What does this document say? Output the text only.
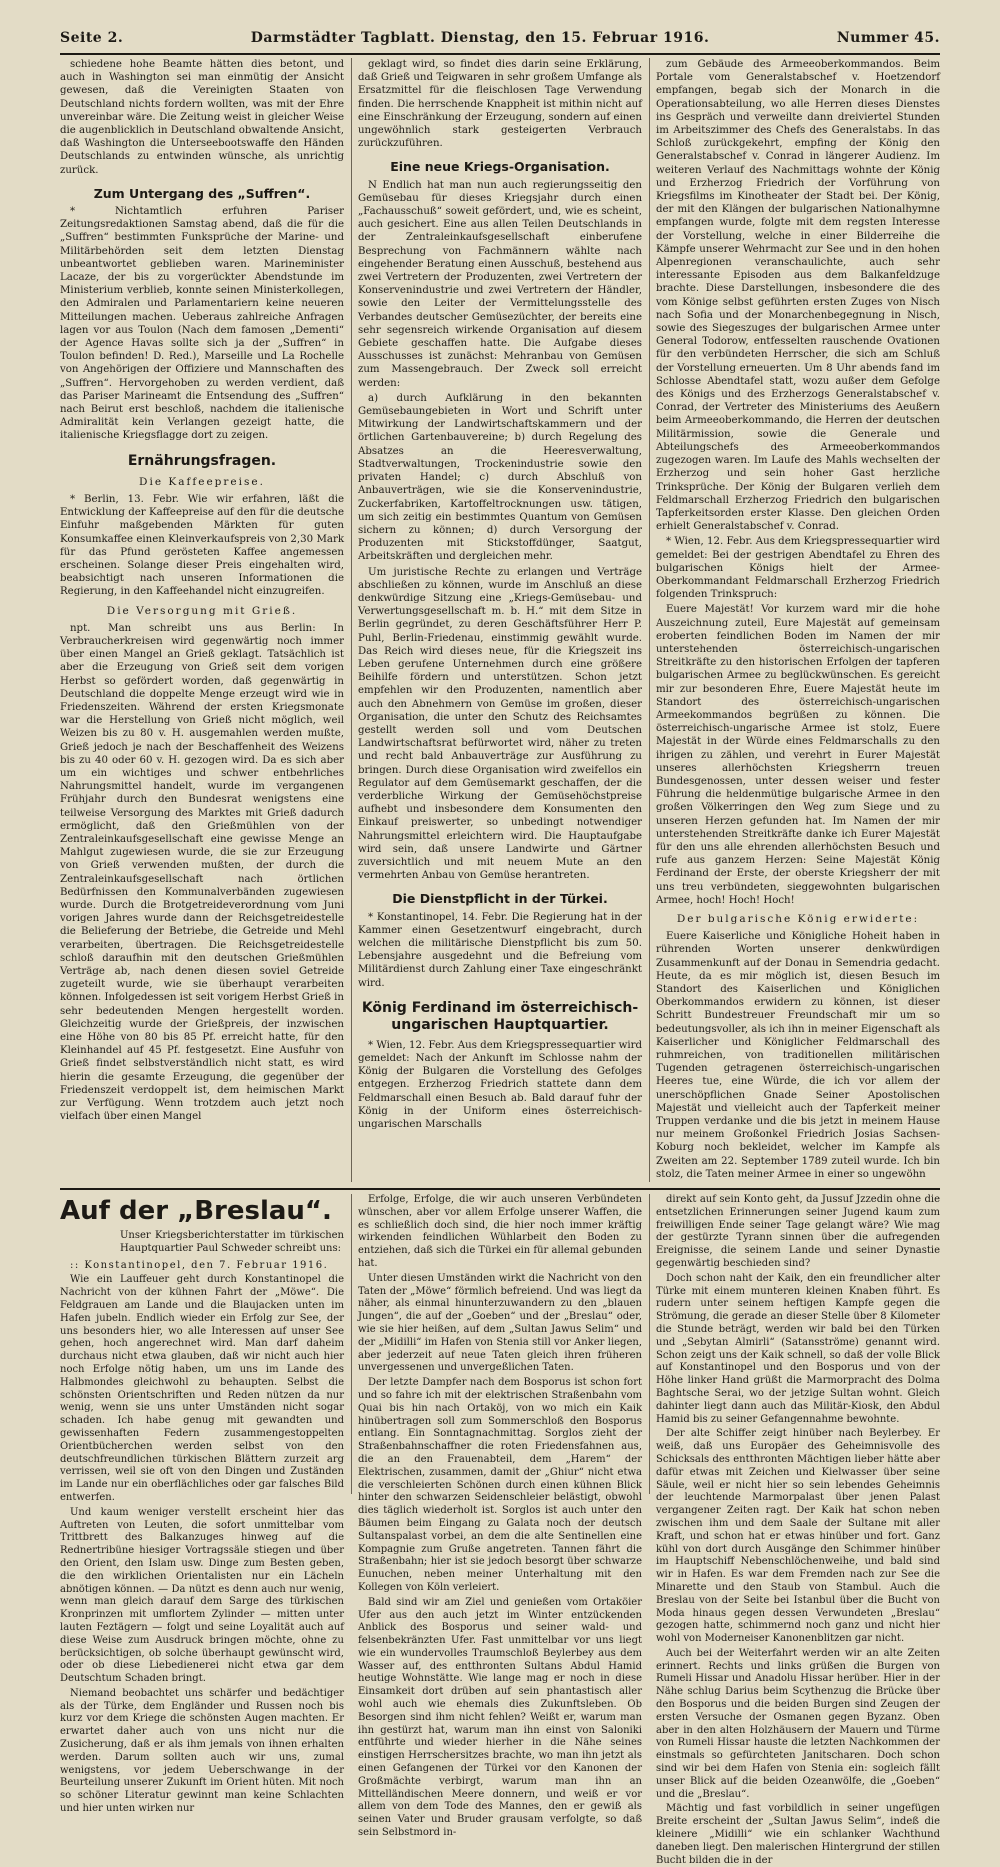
Seite 2.	Darmstädter Tagblatt. Dienstag, den 15. Februar 1916.	Nummer 45.

schiedene hohe Beamte hätten dies betont, und auch in Washington sei man einmütig der Ansicht gewesen, daß die Vereinigten Staaten von Deutschland nichts fordern wollten, was mit der Ehre unvereinbar wäre. Die Zeitung weist in gleicher Weise die augenblicklich in Deutschland obwaltende Ansicht, daß Washington die Unterseebootswaffe den Händen Deutschlands zu entwinden wünsche, als unrichtig zurück.

Zum Untergang des „Suffren“.

* Nichtamtlich erfuhren Pariser Zeitungsredaktionen Samstag abend, daß die für die „Suffren“ bestimmten Funksprüche der Marine- und Militärbehörden seit dem letzten Dienstag unbeantwortet geblieben waren. Marineminister Lacaze, der bis zu vorgerückter Abendstunde im Ministerium verblieb, konnte seinen Ministerkollegen, den Admiralen und Parlamentariern keine neueren Mitteilungen machen. Ueberaus zahlreiche Anfragen lagen vor aus Toulon (Nach dem famosen „Dementi“ der Agence Havas sollte sich ja der „Suffren“ in Toulon befinden! D. Red.), Marseille und La Rochelle von Angehörigen der Offiziere und Mannschaften des „Suffren“. Hervorgehoben zu werden verdient, daß das Pariser Marineamt die Entsendung des „Suffren“ nach Beirut erst beschloß, nachdem die italienische Admiralität kein Verlangen gezeigt hatte, die italienische Kriegsflagge dort zu zeigen.

Ernährungsfragen.
Die Kaffeepreise.

* Berlin, 13. Febr. Wie wir erfahren, läßt die Entwicklung der Kaffeepreise auf den für die deutsche Einfuhr maßgebenden Märkten für guten Konsumkaffee einen Kleinverkaufspreis von 2,30 Mark für das Pfund gerösteten Kaffee angemessen erscheinen. Solange dieser Preis eingehalten wird, beabsichtigt nach unseren Informationen die Regierung, in den Kaffeehandel nicht einzugreifen.

Die Versorgung mit Grieß.

npt. Man schreibt uns aus Berlin: In Verbraucherkreisen wird gegenwärtig noch immer über einen Mangel an Grieß geklagt. Tatsächlich ist aber die Erzeugung von Grieß seit dem vorigen Herbst so gefördert worden, daß gegenwärtig in Deutschland die doppelte Menge erzeugt wird wie in Friedenszeiten. Während der ersten Kriegsmonate war die Herstellung von Grieß nicht möglich, weil Weizen bis zu 80 v. H. ausgemahlen werden mußte, Grieß jedoch je nach der Beschaffenheit des Weizens bis zu 40 oder 60 v. H. gezogen wird. Da es sich aber um ein wichtiges und schwer entbehrliches Nahrungsmittel handelt, wurde im vergangenen Frühjahr durch den Bundesrat wenigstens eine teilweise Versorgung des Marktes mit Grieß dadurch ermöglicht, daß den Grießmühlen von der Zentraleinkaufsgesellschaft eine gewisse Menge an Mahlgut zugewiesen wurde, die sie zur Erzeugung von Grieß verwenden mußten, der durch die Zentraleinkaufsgesellschaft nach örtlichen Bedürfnissen den Kommunalverbänden zugewiesen wurde. Durch die Brotgetreideverordnung vom Juni vorigen Jahres wurde dann der Reichsgetreidestelle die Belieferung der Betriebe, die Getreide und Mehl verarbeiten, übertragen. Die Reichsgetreidestelle schloß daraufhin mit den deutschen Grießmühlen Verträge ab, nach denen diesen soviel Getreide zugeteilt wurde, wie sie überhaupt verarbeiten können. Infolgedessen ist seit vorigem Herbst Grieß in sehr bedeutenden Mengen hergestellt worden. Gleichzeitig wurde der Grießpreis, der inzwischen eine Höhe von 80 bis 85 Pf. erreicht hatte, für den Kleinhandel auf 45 Pf. festgesetzt. Eine Ausfuhr von Grieß findet selbstverständlich nicht statt, es wird hierin die gesamte Erzeugung, die gegenüber der Friedenszeit verdoppelt ist, dem heimischen Markt zur Verfügung. Wenn trotzdem auch jetzt noch vielfach über einen Mangel

geklagt wird, so findet dies darin seine Erklärung, daß Grieß und Teigwaren in sehr großem Umfange als Ersatzmittel für die fleischlosen Tage Verwendung finden. Die herrschende Knappheit ist mithin nicht auf eine Einschränkung der Erzeugung, sondern auf einen ungewöhnlich stark gesteigerten Verbrauch zurückzuführen.

Eine neue Kriegs-Organisation.

N Endlich hat man nun auch regierungsseitig den Gemüsebau für dieses Kriegsjahr durch einen „Fachausschuß“ soweit gefördert, und, wie es scheint, auch gesichert. Eine aus allen Teilen Deutschlands in der Zentraleinkaufsgesellschaft einberufene Besprechung von Fachmännern wählte nach eingehender Beratung einen Ausschuß, bestehend aus zwei Vertretern der Produzenten, zwei Vertretern der Konservenindustrie und zwei Vertretern der Händler, sowie den Leiter der Vermittelungsstelle des Verbandes deutscher Gemüsezüchter, der bereits eine sehr segensreich wirkende Organisation auf diesem Gebiete geschaffen hatte. Die Aufgabe dieses Ausschusses ist zunächst: Mehranbau von Gemüsen zum Massengebrauch. Der Zweck soll erreicht werden:

a) durch Aufklärung in den bekannten Gemüsebaungebieten in Wort und Schrift unter Mitwirkung der Landwirtschaftskammern und der örtlichen Gartenbauvereine; b) durch Regelung des Absatzes an die Heeresverwaltung, Stadtverwaltungen, Trockenindustrie sowie den privaten Handel; c) durch Abschluß von Anbauverträgen, wie sie die Konservenindustrie, Zuckerfabriken, Kartoffeltrocknungen usw. tätigen, um sich zeitig ein bestimmtes Quantum von Gemüsen sichern zu können; d) durch Versorgung der Produzenten mit Stickstoffdünger, Saatgut, Arbeitskräften und dergleichen mehr.

Um juristische Rechte zu erlangen und Verträge abschließen zu können, wurde im Anschluß an diese denkwürdige Sitzung eine „Kriegs-Gemüsebau- und Verwertungsgesellschaft m. b. H.“ mit dem Sitze in Berlin gegründet, zu deren Geschäftsführer Herr P. Puhl, Berlin-Friedenau, einstimmig gewählt wurde. Das Reich wird dieses neue, für die Kriegszeit ins Leben gerufene Unternehmen durch eine größere Beihilfe fördern und unterstützen. Schon jetzt empfehlen wir den Produzenten, namentlich aber auch den Abnehmern von Gemüse im großen, dieser Organisation, die unter den Schutz des Reichsamtes gestellt werden soll und vom Deutschen Landwirtschaftsrat befürwortet wird, näher zu treten und recht bald Anbauverträge zur Ausführung zu bringen. Durch diese Organisation wird zweifellos ein Regulator auf dem Gemüsemarkt geschaffen, der die verderbliche Wirkung der Gemüsehöchstpreise aufhebt und insbesondere dem Konsumenten den Einkauf preiswerter, so unbedingt notwendiger Nahrungsmittel erleichtern wird. Die Hauptaufgabe wird sein, daß unsere Landwirte und Gärtner zuversichtlich und mit neuem Mute an den vermehrten Anbau von Gemüse herantreten.

Die Dienstpflicht in der Türkei.

* Konstantinopel, 14. Febr. Die Regierung hat in der Kammer einen Gesetzentwurf eingebracht, durch welchen die militärische Dienstpflicht bis zum 50. Lebensjahre ausgedehnt und die Befreiung vom Militärdienst durch Zahlung einer Taxe eingeschränkt wird.

König Ferdinand im österreichisch-ungarischen Hauptquartier.

* Wien, 12. Febr. Aus dem Kriegspressequartier wird gemeldet: Nach der Ankunft im Schlosse nahm der König der Bulgaren die Vorstellung des Gefolges entgegen. Erzherzog Friedrich stattete dann dem Feldmarschall einen Besuch ab. Bald darauf fuhr der König in der Uniform eines österreichisch-ungarischen Marschalls

zum Gebäude des Armeeoberkommandos. Beim Portale vom Generalstabschef v. Hoetzendorf empfangen, begab sich der Monarch in die Operationsabteilung, wo alle Herren dieses Dienstes ins Gespräch und verweilte dann dreiviertel Stunden im Arbeitszimmer des Chefs des Generalstabs. In das Schloß zurückgekehrt, empfing der König den Generalstabschef v. Conrad in längerer Audienz. Im weiteren Verlauf des Nachmittags wohnte der König und Erzherzog Friedrich der Vorführung von Kriegsfilms im Kinotheater der Stadt bei. Der König, der mit den Klängen der bulgarischen Nationalhymne empfangen wurde, folgte mit dem regsten Interesse der Vorstellung, welche in einer Bilderreihe die Kämpfe unserer Wehrmacht zur See und in den hohen Alpenregionen veranschaulichte, auch sehr interessante Episoden aus dem Balkanfeldzuge brachte. Diese Darstellungen, insbesondere die des vom Könige selbst geführten ersten Zuges von Nisch nach Sofia und der Monarchenbegegnung in Nisch, sowie des Siegeszuges der bulgarischen Armee unter General Todorow, entfesselten rauschende Ovationen für den verbündeten Herrscher, die sich am Schluß der Vorstellung erneuerten. Um 8 Uhr abends fand im Schlosse Abendtafel statt, wozu außer dem Gefolge des Königs und des Erzherzogs Generalstabschef v. Conrad, der Vertreter des Ministeriums des Aeußern beim Armeeoberkommando, die Herren der deutschen Militärmission, sowie die Generale und Abteilungschefs des Armeeoberkommandos zugezogen waren. Im Laufe des Mahls wechselten der Erzherzog und sein hoher Gast herzliche Trinksprüche. Der König der Bulgaren verlieh dem Feldmarschall Erzherzog Friedrich den bulgarischen Tapferkeitsorden erster Klasse. Den gleichen Orden erhielt Generalstabschef v. Conrad.

* Wien, 12. Febr. Aus dem Kriegspressequartier wird gemeldet: Bei der gestrigen Abendtafel zu Ehren des bulgarischen Königs hielt der Armee-Oberkommandant Feldmarschall Erzherzog Friedrich folgenden Trinkspruch:

Euere Majestät! Vor kurzem ward mir die hohe Auszeichnung zuteil, Eure Majestät auf gemeinsam eroberten feindlichen Boden im Namen der mir unterstehenden österreichisch-ungarischen Streitkräfte zu den historischen Erfolgen der tapferen bulgarischen Armee zu beglückwünschen. Es gereicht mir zur besonderen Ehre, Euere Majestät heute im Standort des österreichisch-ungarischen Armeekommandos begrüßen zu können. Die österreichisch-ungarische Armee ist stolz, Euere Majestät in der Würde eines Feldmarschalls zu den ihrigen zu zählen, und verehrt in Eurer Majestät unseres allerhöchsten Kriegsherrn treuen Bundesgenossen, unter dessen weiser und fester Führung die heldenmütige bulgarische Armee in den großen Völkerringen den Weg zum Siege und zu unseren Herzen gefunden hat. Im Namen der mir unterstehenden Streitkräfte danke ich Eurer Majestät für den uns alle ehrenden allerhöchsten Besuch und rufe aus ganzem Herzen: Seine Majestät König Ferdinand der Erste, der oberste Kriegsherr der mit uns treu verbündeten, sieggewohnten bulgarischen Armee, hoch! Hoch! Hoch!

Der bulgarische König erwiderte:

Euere Kaiserliche und Königliche Hoheit haben in rührenden Worten unserer denkwürdigen Zusammenkunft auf der Donau in Semendria gedacht. Heute, da es mir möglich ist, diesen Besuch im Standort des Kaiserlichen und Königlichen Oberkommandos erwidern zu können, ist dieser Schritt Bundestreuer Freundschaft mir um so bedeutungsvoller, als ich ihn in meiner Eigenschaft als Kaiserlicher und Königlicher Feldmarschall des ruhmreichen, von traditionellen militärischen Tugenden getragenen österreichisch-ungarischen Heeres tue, eine Würde, die ich vor allem der unerschöpflichen Gnade Seiner Apostolischen Majestät und vielleicht auch der Tapferkeit meiner Truppen verdanke und die bis jetzt in meinem Hause nur meinem Großonkel Friedrich Josias Sachsen-Koburg noch bekleidet, welcher im Kampfe als Zweiten am 22. September 1789 zuteil wurde. Ich bin stolz, die Taten meiner Armee in einer so ungewöhn

Auf der „Breslau“.
Unser Kriegsberichterstatter im türkischen Hauptquartier Paul Schweder schreibt uns:

:: Konstantinopel, den 7. Februar 1916.

Wie ein Lauffeuer geht durch Konstantinopel die Nachricht von der kühnen Fahrt der „Möwe“. Die Feldgrauen am Lande und die Blaujacken unten im Hafen jubeln. Endlich wieder ein Erfolg zur See, der uns besonders hier, wo alle Interessen auf unser See gehen, hoch angerechnet wird. Man darf daheim durchaus nicht etwa glauben, daß wir nicht auch hier noch Erfolge nötig haben, um uns im Lande des Halbmondes gleichwohl zu behaupten. Selbst die schönsten Orientschriften und Reden nützen da nur wenig, wenn sie uns unter Umständen nicht sogar schaden. Ich habe genug mit gewandten und gewissenhaften Federn zusammengestoppelten Orientbücherchen werden selbst von den deutschfreundlichen türkischen Blättern zurzeit arg verrissen, weil sie oft von den Dingen und Zuständen im Lande nur ein oberflächliches oder gar falsches Bild entwerfen.

Und kaum weniger verstellt erscheint hier das Auftreten von Leuten, die sofort unmittelbar vom Trittbrett des Balkanzuges hinweg auf die Rednertribüne hiesiger Vortragssäle stiegen und über den Orient, den Islam usw. Dinge zum Besten geben, die den wirklichen Orientalisten nur ein Lächeln abnötigen können. — Da nützt es denn auch nur wenig, wenn man gleich darauf dem Sarge des türkischen Kronprinzen mit umflortem Zylinder — mitten unter lauten Feztägern — folgt und seine Loyalität auch auf diese Weise zum Ausdruck bringen möchte, ohne zu berücksichtigen, ob solche überhaupt gewünscht wird, oder ob diese Liebedienerei nicht etwa gar dem Deutschtum Schaden bringt.

Niemand beobachtet uns schärfer und bedächtiger als der Türke, dem Engländer und Russen noch bis kurz vor dem Kriege die schönsten Augen machten. Er erwartet daher auch von uns nicht nur die Zusicherung, daß er als ihm jemals von ihnen erhalten werden. Darum sollten auch wir uns, zumal wenigstens, vor jedem Ueberschwange in der Beurteilung unserer Zukunft im Orient hüten. Mit noch so schöner Literatur gewinnt man keine Schlachten und hier unten wirken nur

Erfolge, Erfolge, die wir auch unseren Verbündeten wünschen, aber vor allem Erfolge unserer Waffen, die es schließlich doch sind, die hier noch immer kräftig wirkenden feindlichen Wühlarbeit den Boden zu entziehen, daß sich die Türkei ein für allemal gebunden hat.

Unter diesen Umständen wirkt die Nachricht von den Taten der „Möwe“ förmlich befreiend. Und was liegt da näher, als einmal hinunterzuwandern zu den „blauen Jungen“, die auf der „Goeben“ und der „Breslau“ oder, wie sie hier heißen, auf dem „Sultan Jawus Selim“ und der „Midilli“ im Hafen von Stenia still vor Anker liegen, aber jederzeit auf neue Taten gleich ihren früheren unvergessenen und unvergeßlichen Taten.

Der letzte Dampfer nach dem Bosporus ist schon fort und so fahre ich mit der elektrischen Straßenbahn vom Quai bis hin nach Ortaköj, von wo mich ein Kaik hinübertragen soll zum Sommerschloß den Bosporus entlang. Ein Sonntagnachmittag. Sorglos zieht der Straßenbahnschaffner die roten Friedensfahnen aus, die an den Frauenabteil, dem „Harem“ der Elektrischen, zusammen, damit der „Ghiur“ nicht etwa die verschleierten Schönen durch einen kühnen Blick hinter den schwarzen Seidenschleier belästigt, obwohl dies täglich wiederholt ist. Sorglos ist auch unter den Bäumen beim Eingang zu Galata noch der deutsch Sultanspalast vorbei, an dem die alte Sentinellen eine Kompagnie zum Gruße angetreten. Tannen fährt die Straßenbahn; hier ist sie jedoch besorgt über schwarze Eunuchen, neben meiner Unterhaltung mit den Kollegen von Köln verleiert.

Bald sind wir am Ziel und genießen vom Ortaköier Ufer aus den auch jetzt im Winter entzückenden Anblick des Bosporus und seiner wald- und felsenbekränzten Ufer. Fast unmittelbar vor uns liegt wie ein wundervolles Traumschloß Beylerbey aus dem Wasser auf, des entthronten Sultans Abdul Hamid heutige Wohnstätte. Wie lange mag er noch in diese Einsamkeit dort drüben auf sein phantastisch aller wohl auch wie ehemals dies Zukunftsleben. Ob Besorgen sind ihm nicht fehlen? Weißt er, warum man ihn gestürzt hat, warum man ihn einst von Saloniki entführte und wieder hierher in die Nähe seines einstigen Herrschersitzes brachte, wo man ihn jetzt als einen Gefangenen der Türkei vor den Kanonen der Großmächte verbirgt, warum man ihn an Mittelländischen Meere donnern, und weiß er vor allem von dem Tode des Mannes, den er gewiß als seinen Vater und Bruder grausam verfolgte, so daß sein Selbstmord in-

direkt auf sein Konto geht, da Jussuf Jzzedin ohne die entsetzlichen Erinnerungen seiner Jugend kaum zum freiwilligen Ende seiner Tage gelangt wäre? Wie mag der gestürzte Tyrann sinnen über die aufregenden Ereignisse, die seinem Lande und seiner Dynastie gegenwärtig beschieden sind?

Doch schon naht der Kaik, den ein freundlicher alter Türke mit einem munteren kleinen Knaben führt. Es rudern unter seinem heftigen Kampfe gegen die Strömung, die gerade an dieser Stelle über 8 Kilometer die Stunde beträgt, werden wir bald bei den Türken und „Sebytan Almirli“ (Satansströme) genannt wird. Schon zeigt uns der Kaik schnell, so daß der volle Blick auf Konstantinopel und den Bosporus und von der Höhe linker Hand grüßt die Marmorpracht des Dolma Baghtsche Serai, wo der jetzige Sultan wohnt. Gleich dahinter liegt dann auch das Militär-Kiosk, den Abdul Hamid bis zu seiner Gefangennahme bewohnte.

Der alte Schiffer zeigt hinüber nach Beylerbey. Er weiß, daß uns Europäer des Geheimnisvolle des Schicksals des entthronten Mächtigen lieber hätte aber dafür etwas mit Zeichen und Kielwasser über seine Säule, weil er nicht hier so sein lebendes Geheimnis der leuchtende Marmorpalast über jenen Palast vergangener Zeiten ragt. Der Kaik hat schon neben zwischen ihm und dem Saale der Sultane mit aller Kraft, und schon hat er etwas hinüber und fort. Ganz kühl von dort durch Ausgänge den Schimmer hinüber im Hauptschiff Nebenschlöchenweihe, und bald sind wir in Hafen. Es war dem Fremden nach zur See die Minarette und den Staub von Stambul. Auch die Breslau von der Seite bei Istanbul über die Bucht von Moda hinaus gegen dessen Verwundeten „Breslau“ gezogen hatte, schimmernd noch ganz und nicht hier wohl von Moderneiser Kanonenblitzen gar nicht.

Auch bei der Weiterfahrt werden wir an alte Zeiten erinnert. Rechts und links grüßen die Burgen von Rumeli Hissar und Anadolu Hissar herüber. Hier in der Nähe schlug Darius beim Scythenzug die Brücke über den Bosporus und die beiden Burgen sind Zeugen der ersten Versuche der Osmanen gegen Byzanz. Oben aber in den alten Holzhäusern der Mauern und Türme von Rumeli Hissar hauste die letzten Nachkommen der einstmals so gefürchteten Janitscharen. Doch schon sind wir bei dem Hafen von Stenia ein: sogleich fällt unser Blick auf die beiden Ozeanwölfe, die „Goeben“ und die „Breslau“.

Mächtig und fast vorbildlich in seiner ungefügen Breite erscheint der „Sultan Jawus Selim“, indeß die kleinere „Midilli“ wie ein schlanker Wachthund daneben liegt. Den malerischen Hintergrund der stillen Bucht bilden die in der
